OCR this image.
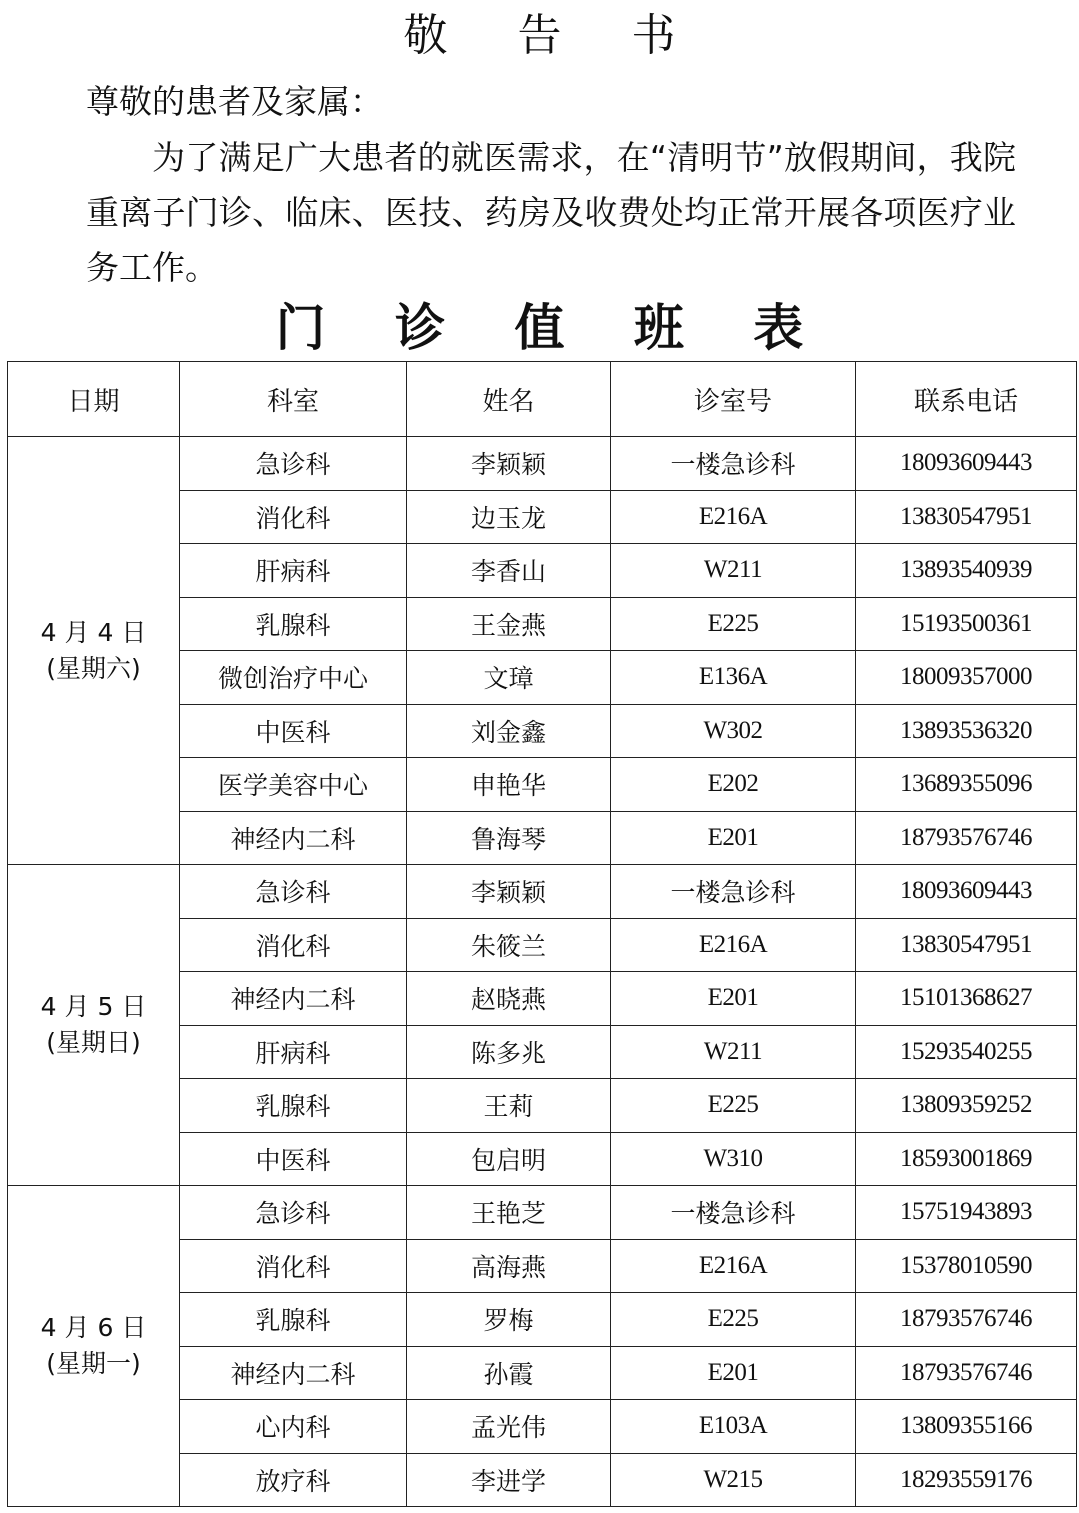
敬 告 书
尊敬的患者及家属：
为了满足广大患者的就医需求，在“清明节”放假期间，我院重离子门诊、临床、医技、药房及收费处均正常开展各项医疗业务工作。
门 诊 值 班 表
日期	科室	姓名	诊室号	联系电话

4 月 4 日
(星期六)	急诊科	李颖颖	一楼急诊科	18093609443
	消化科	边玉龙	E216A	13830547951
	肝病科	李香山	W211	13893540939
	乳腺科	王金燕	E225	15193500361
	微创治疗中心	文璋	E136A	18009357000
	中医科	刘金鑫	W302	13893536320
	医学美容中心	申艳华	E202	13689355096
	神经内二科	鲁海琴	E201	18793576746

4 月 5 日
(星期日)	急诊科	李颖颖	一楼急诊科	18093609443
	消化科	朱筱兰	E216A	13830547951
	神经内二科	赵晓燕	E201	15101368627
	肝病科	陈多兆	W211	15293540255
	乳腺科	王莉	E225	13809359252
	中医科	包启明	W310	18593001869

4 月 6 日
(星期一)	急诊科	王艳芝	一楼急诊科	15751943893
	消化科	高海燕	E216A	15378010590
	乳腺科	罗梅	E225	18793576746
	神经内二科	孙霞	E201	18793576746
	心内科	孟光伟	E103A	13809355166
	放疗科	李进学	W215	18293559176
